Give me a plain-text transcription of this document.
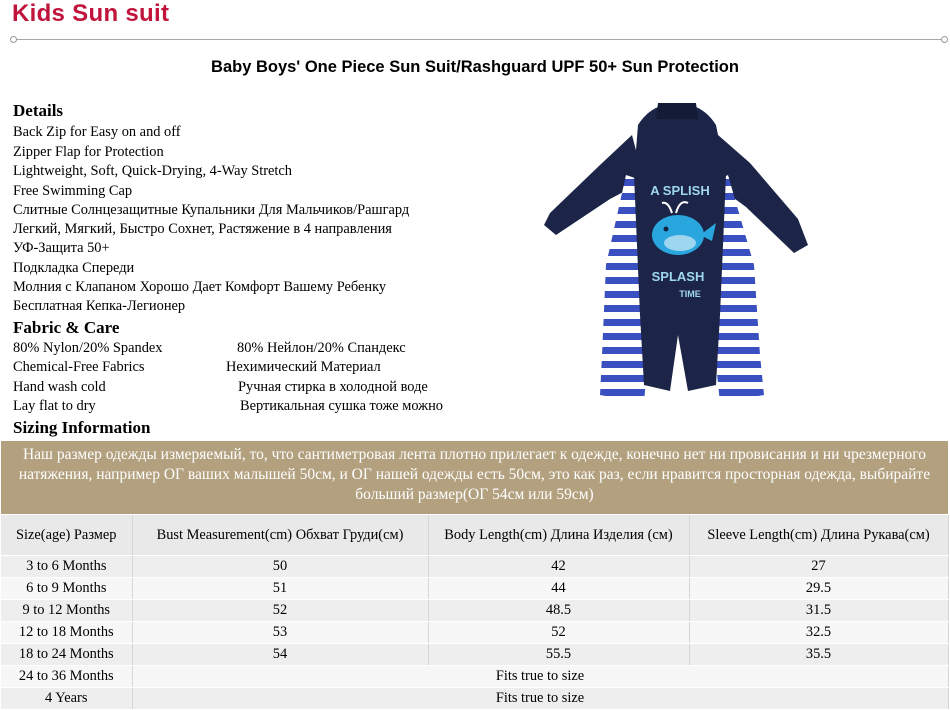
Kids Sun suit
Baby Boys' One Piece Sun Suit/Rashguard UPF 50+ Sun Protection
Details
Back Zip for Easy on and off
Zipper Flap for Protection
Lightweight, Soft, Quick-Drying, 4-Way Stretch
Free Swimming Cap
Слитные Солнцезащитные Купальники Для Мальчиков/Рашгард
Легкий, Мягкий, Быстро Сохнет, Растяжение в 4 направления
УФ-Защита 50+
Подкладка Спереди
Молния с Клапаном Хорошо Дает Комфорт Вашему Ребенку
Бесплатная Кепка-Легионер
Fabric & Care
80% Nylon/20% Spandex	80% Нейлон/20% Спандекс
Chemical-Free Fabrics	Нехимический Материал
Hand wash cold	Ручная стирка в холодной воде
Lay flat to dry	Вертикальная сушка тоже можно
Sizing Information
Наш размер одежды измеряемый, то, что сантиметровая лента плотно прилегает к одежде, конечно нет ни провисания и ни чрезмерного натяжения, например ОГ ваших малышей 50см, и ОГ нашей одежды есть 50см, это как раз, если нравится просторная одежда, выбирайте больший размер(ОГ 54см или 59см)
Size(age) Размер	Bust Measurement(cm) Обхват Груди(см)	Body Length(cm) Длина Изделия (см)	Sleeve Length(cm) Длина Рукава(см)
3 to 6 Months	50	42	27
6 to 9 Months	51	44	29.5
9 to 12 Months	52	48.5	31.5
12 to 18 Months	53	52	32.5
18 to 24 Months	54	55.5	35.5
24 to 36 Months	Fits true to size		
4 Years	Fits true to size		
A SPLISH
SPLASH
TIME
